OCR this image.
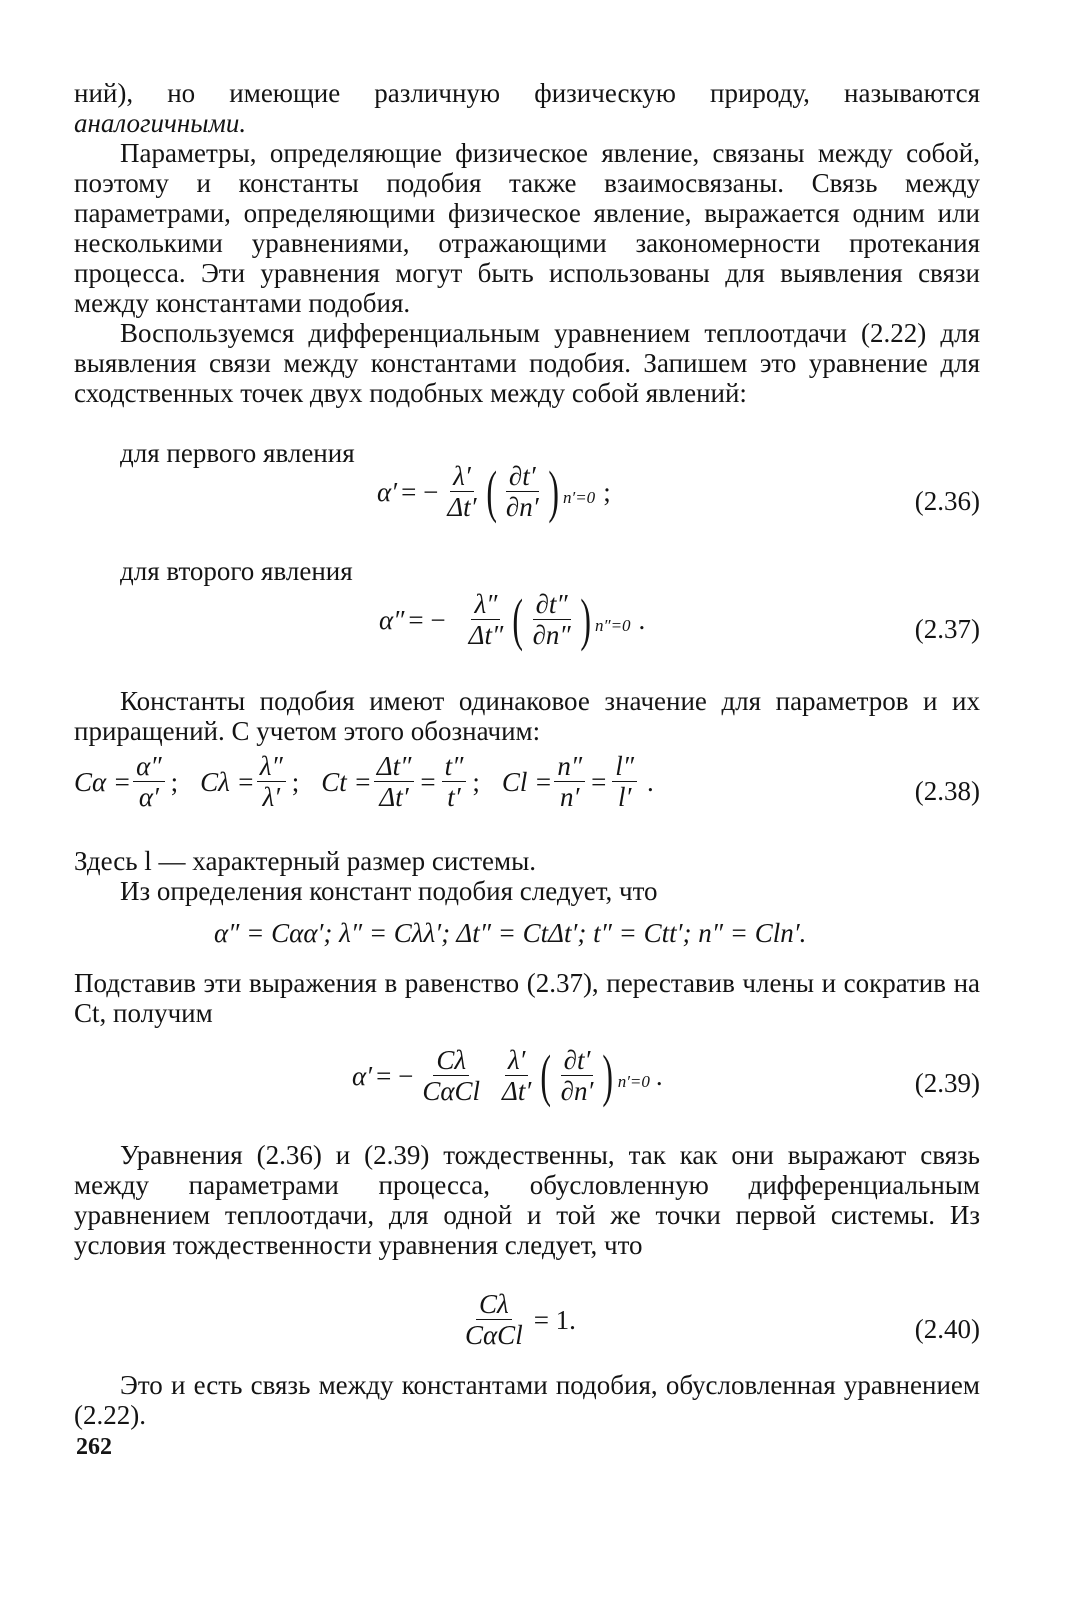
ний), но имеющие различную физическую природу, называются

аналогичными.

Параметры, определяющие физическое явление, связаны между собой, поэтому и константы подобия также взаимосвязаны. Связь между параметрами, определяющими физическое явление, выражается одним или несколькими уравнениями, отражающими закономерности протекания процесса. Эти уравнения могут быть использованы для выявления связи между константами подобия.

Воспользуемся дифференциальным уравнением теплоотдачи (2.22) для выявления связи между константами подобия. Запишем это уравнение для сходственных точек двух подобных между собой явлений:

для первого явления

α′ = − $\frac{\lambda'}{\Delta t'}$ ( $\frac{\partial t'}{\partial n'}$ ) n′=0 ;	(2.36)

для второго явления

α″ = − $\frac{\lambda''}{\Delta t''}$ ( $\frac{\partial t''}{\partial n''}$ ) n″=0 .	(2.37)

Константы подобия имеют одинаковое значение для параметров и их приращений. С учетом этого обозначим:

$C\alpha = \frac{\alpha''}{\alpha'}$ ; $C\lambda = \frac{\lambda''}{\lambda'}$ ; $Ct = \frac{\Delta t''}{\Delta t'} = \frac{t''}{t'}$ ; $Cl = \frac{n''}{n'} = \frac{l''}{l'}$ .	(2.38)

Здесь l — характерный размер системы.

Из определения констант подобия следует, что

α″ = Cαα′; λ″ = Cλλ′; Δt″ = CtΔt′; t″ = Ctt′; n″ = Cln′.

Подставив эти выражения в равенство (2.37), переставив члены и сократив на Ct, получим

α′ = − $\frac{C\lambda}{\text{CαCl}} \frac{\lambda'}{\Delta t'}$ ( $\frac{\partial t'}{\partial n'}$ ) n′=0 .	(2.39)

Уравнения (2.36) и (2.39) тождественны, так как они выражают связь между параметрами процесса, обусловленную дифференциальным уравнением теплоотдачи, для одной и той же точки первой системы. Из условия тождественности уравнения следует, что

$\frac{C\lambda}{\text{CαCl}} = 1$.	(2.40)

Это и есть связь между константами подобия, обусловленная уравнением (2.22).

262
